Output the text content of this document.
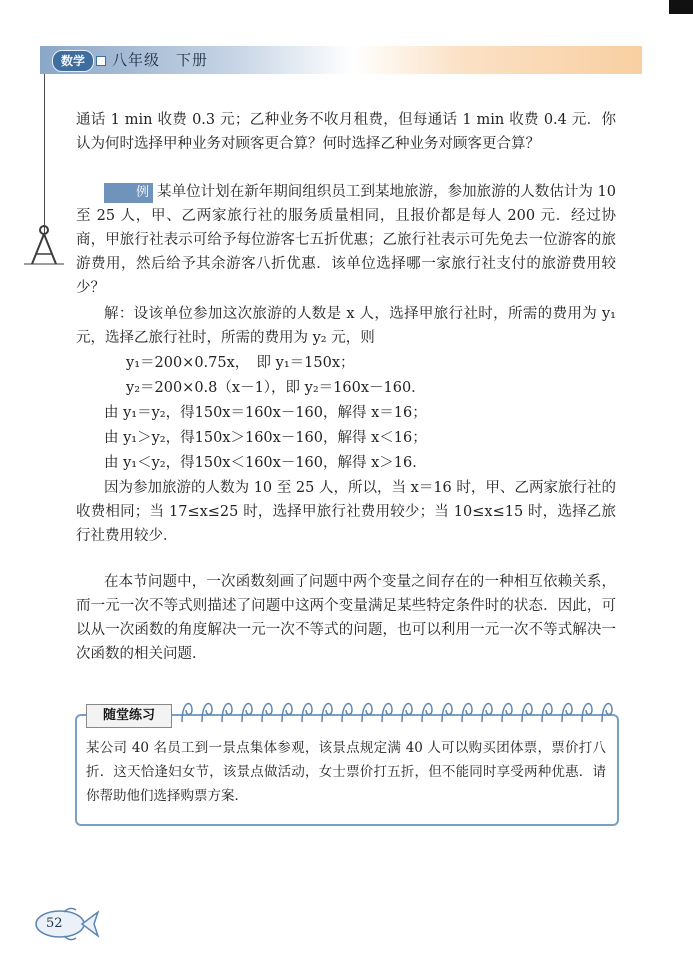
数学	八年级　下册

通话 1 min 收费 0.3 元；乙种业务不收月租费，但每通话 1 min 收费 0.4 元．你认为何时选择甲种业务对顾客更合算？何时选择乙种业务对顾客更合算？

例 某单位计划在新年期间组织员工到某地旅游，参加旅游的人数估计为 10 至 25 人，甲、乙两家旅行社的服务质量相同，且报价都是每人 200 元．经过协商，甲旅行社表示可给予每位游客七五折优惠；乙旅行社表示可先免去一位游客的旅游费用，然后给予其余游客八折优惠．该单位选择哪一家旅行社支付的旅游费用较少？

解：设该单位参加这次旅游的人数是 x 人，选择甲旅行社时，所需的费用为 y₁ 元，选择乙旅行社时，所需的费用为 y₂ 元，则

y₁＝200×0.75x，　即 y₁＝150x；
y₂＝200×0.8（x－1），即 y₂＝160x－160．
由 y₁＝y₂，得150x＝160x－160，解得 x＝16；
由 y₁＞y₂，得150x＞160x－160，解得 x＜16；
由 y₁＜y₂，得150x＜160x－160，解得 x＞16．

因为参加旅游的人数为 10 至 25 人，所以，当 x＝16 时，甲、乙两家旅行社的收费相同；当 17≤x≤25 时，选择甲旅行社费用较少；当 10≤x≤15 时，选择乙旅行社费用较少．

在本节问题中，一次函数刻画了问题中两个变量之间存在的一种相互依赖关系，而一元一次不等式则描述了问题中这两个变量满足某些特定条件时的状态．因此，可以从一次函数的角度解决一元一次不等式的问题，也可以利用一元一次不等式解决一次函数的相关问题．

随堂练习

某公司 40 名员工到一景点集体参观，该景点规定满 40 人可以购买团体票，票价打八折．这天恰逢妇女节，该景点做活动，女士票价打五折，但不能同时享受两种优惠．请你帮助他们选择购票方案．

52
